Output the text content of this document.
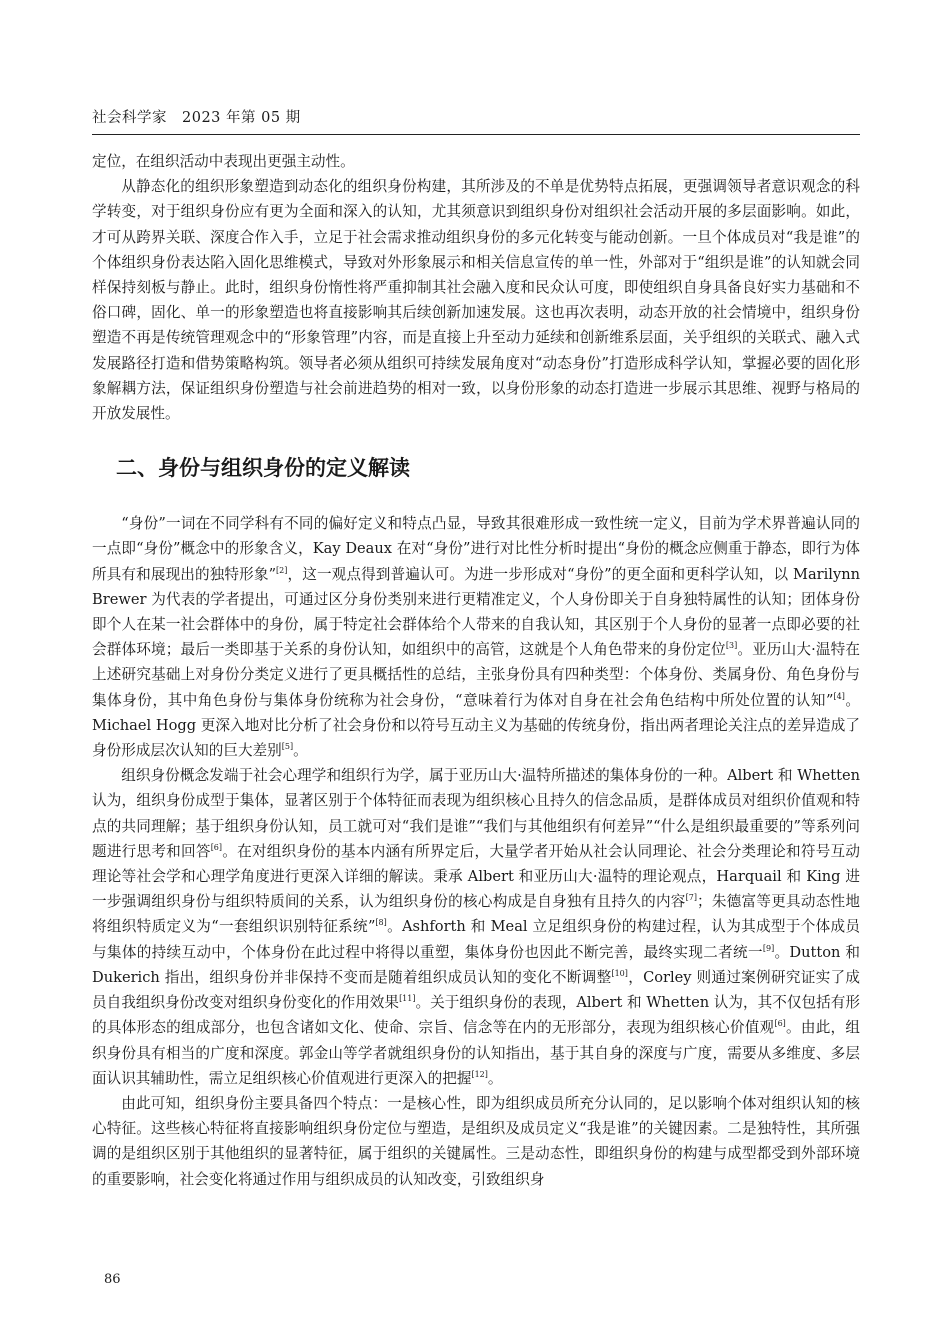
社会科学家　2023 年第 05 期

定位，在组织活动中表现出更强主动性。

从静态化的组织形象塑造到动态化的组织身份构建，其所涉及的不单是优势特点拓展，更强调领导者意识观念的科学转变，对于组织身份应有更为全面和深入的认知，尤其须意识到组织身份对组织社会活动开展的多层面影响。如此，才可从跨界关联、深度合作入手，立足于社会需求推动组织身份的多元化转变与能动创新。一旦个体成员对“我是谁”的个体组织身份表达陷入固化思维模式，导致对外形象展示和相关信息宣传的单一性，外部对于“组织是谁”的认知就会同样保持刻板与静止。此时，组织身份惰性将严重抑制其社会融入度和民众认可度，即使组织自身具备良好实力基础和不俗口碑，固化、单一的形象塑造也将直接影响其后续创新加速发展。这也再次表明，动态开放的社会情境中，组织身份塑造不再是传统管理观念中的“形象管理”内容，而是直接上升至动力延续和创新维系层面，关乎组织的关联式、融入式发展路径打造和借势策略构筑。领导者必须从组织可持续发展角度对“动态身份”打造形成科学认知，掌握必要的固化形象解耦方法，保证组织身份塑造与社会前进趋势的相对一致，以身份形象的动态打造进一步展示其思维、视野与格局的开放发展性。

二、身份与组织身份的定义解读

“身份”一词在不同学科有不同的偏好定义和特点凸显，导致其很难形成一致性统一定义，目前为学术界普遍认同的一点即“身份”概念中的形象含义，Kay Deaux 在对“身份”进行对比性分析时提出“身份的概念应侧重于静态，即行为体所具有和展现出的独特形象”[2]，这一观点得到普遍认可。为进一步形成对“身份”的更全面和更科学认知，以 Marilynn Brewer 为代表的学者提出，可通过区分身份类别来进行更精准定义，个人身份即关于自身独特属性的认知；团体身份即个人在某一社会群体中的身份，属于特定社会群体给个人带来的自我认知，其区别于个人身份的显著一点即必要的社会群体环境；最后一类即基于关系的身份认知，如组织中的高管，这就是个人角色带来的身份定位[3]。亚历山大·温特在上述研究基础上对身份分类定义进行了更具概括性的总结，主张身份具有四种类型：个体身份、类属身份、角色身份与集体身份，其中角色身份与集体身份统称为社会身份，“意味着行为体对自身在社会角色结构中所处位置的认知”[4]。Michael Hogg 更深入地对比分析了社会身份和以符号互动主义为基础的传统身份，指出两者理论关注点的差异造成了身份形成层次认知的巨大差别[5]。

组织身份概念发端于社会心理学和组织行为学，属于亚历山大·温特所描述的集体身份的一种。Albert 和 Whetten 认为，组织身份成型于集体，显著区别于个体特征而表现为组织核心且持久的信念品质，是群体成员对组织价值观和特点的共同理解；基于组织身份认知，员工就可对“我们是谁”“我们与其他组织有何差异”“什么是组织最重要的”等系列问题进行思考和回答[6]。在对组织身份的基本内涵有所界定后，大量学者开始从社会认同理论、社会分类理论和符号互动理论等社会学和心理学角度进行更深入详细的解读。秉承 Albert 和亚历山大·温特的理论观点，Harquail 和 King 进一步强调组织身份与组织特质间的关系，认为组织身份的核心构成是自身独有且持久的内容[7]；朱德富等更具动态性地将组织特质定义为“一套组织识别特征系统”[8]。Ashforth 和 Meal 立足组织身份的构建过程，认为其成型于个体成员与集体的持续互动中，个体身份在此过程中将得以重塑，集体身份也因此不断完善，最终实现二者统一[9]。Dutton 和 Dukerich 指出，组织身份并非保持不变而是随着组织成员认知的变化不断调整[10]，Corley 则通过案例研究证实了成员自我组织身份改变对组织身份变化的作用效果[11]。关于组织身份的表现，Albert 和 Whetten 认为，其不仅包括有形的具体形态的组成部分，也包含诸如文化、使命、宗旨、信念等在内的无形部分，表现为组织核心价值观[6]。由此，组织身份具有相当的广度和深度。郭金山等学者就组织身份的认知指出，基于其自身的深度与广度，需要从多维度、多层面认识其辅助性，需立足组织核心价值观进行更深入的把握[12]。

由此可知，组织身份主要具备四个特点：一是核心性，即为组织成员所充分认同的，足以影响个体对组织认知的核心特征。这些核心特征将直接影响组织身份定位与塑造，是组织及成员定义“我是谁”的关键因素。二是独特性，其所强调的是组织区别于其他组织的显著特征，属于组织的关键属性。三是动态性，即组织身份的构建与成型都受到外部环境的重要影响，社会变化将通过作用与组织成员的认知改变，引致组织身

86
